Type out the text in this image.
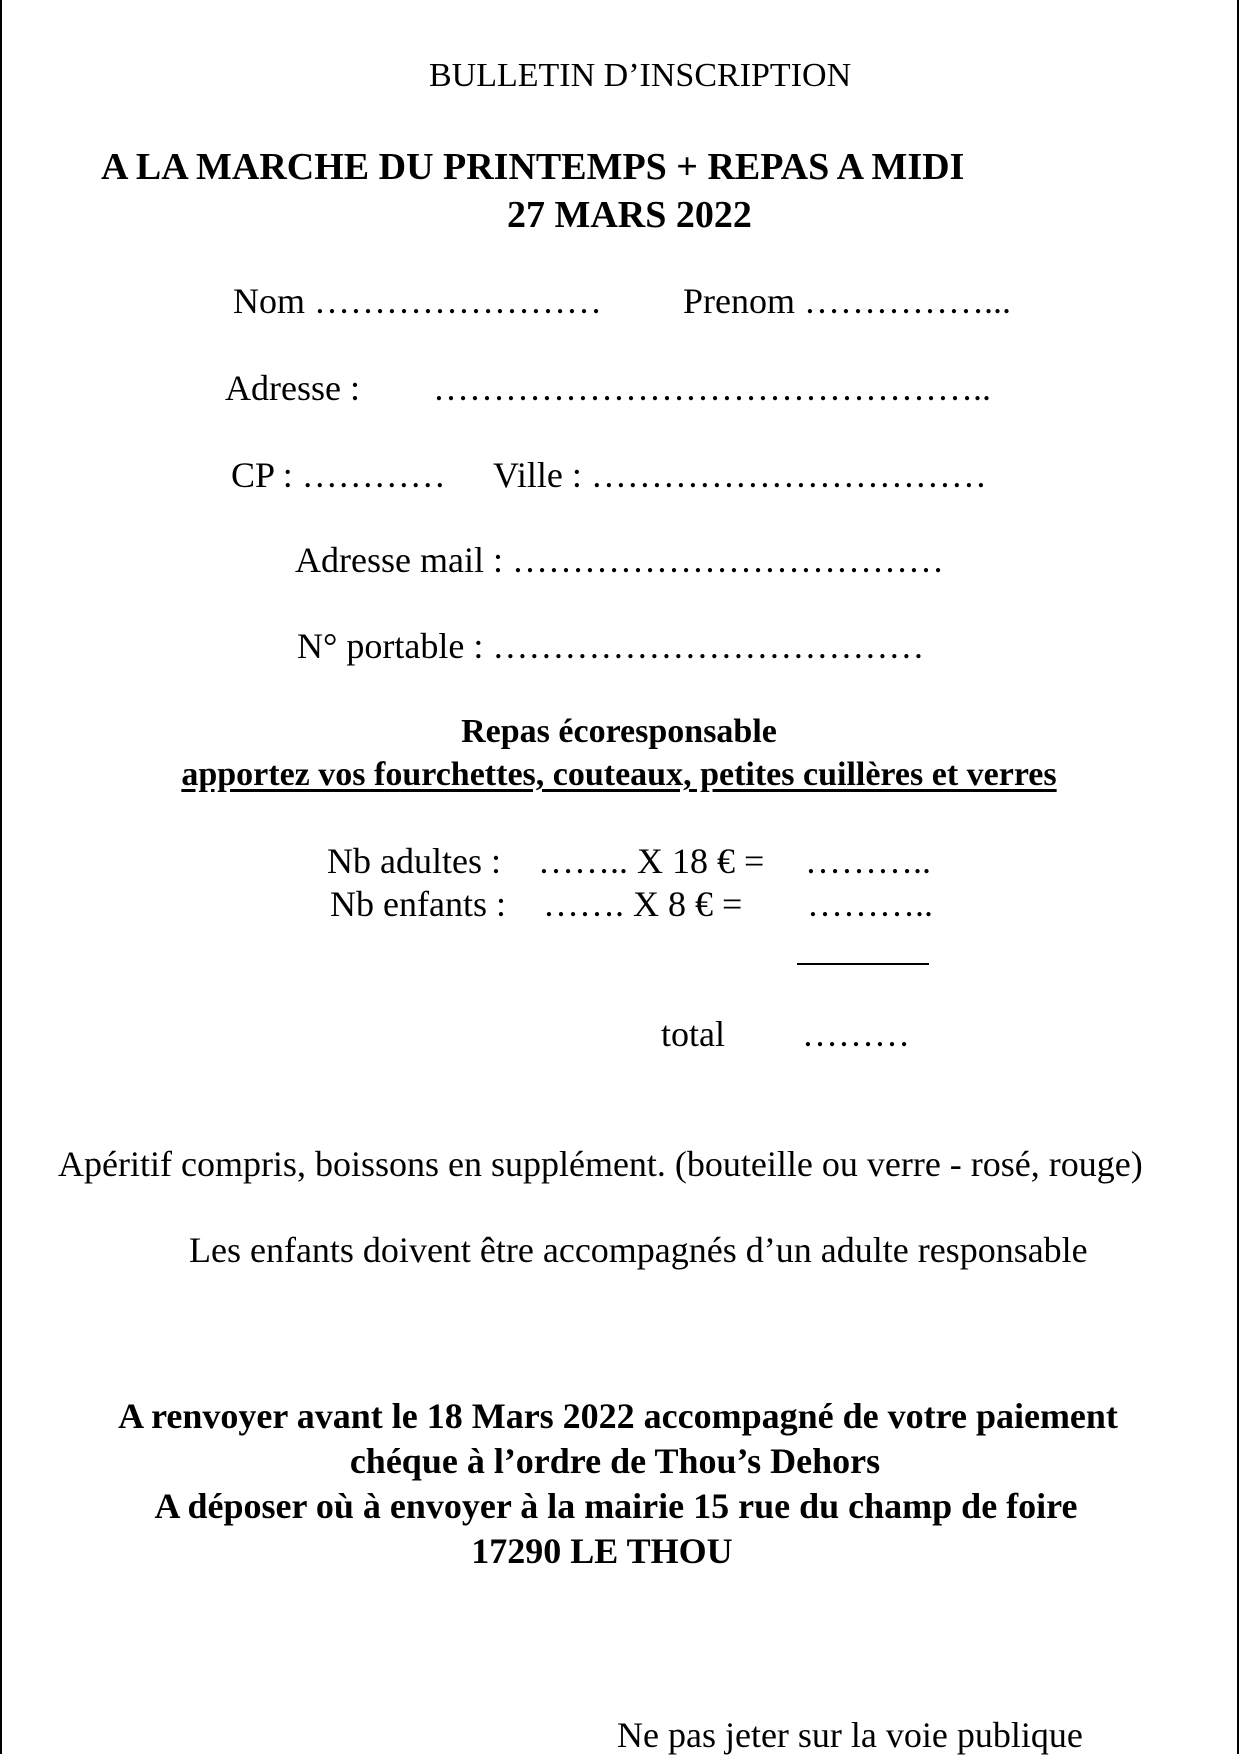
BULLETIN D’INSCRIPTION
A LA MARCHE DU PRINTEMPS + REPAS A MIDI
27 MARS 2022
Nom …………………… Prenom ……………...
Adresse : ………………………………………..
CP : ………… Ville : ……………………………
Adresse mail : ………………………………
N° portable : ………………………………
Repas écoresponsable
apportez vos fourchettes, couteaux, petites cuillères et verres
Nb adultes : …….. X 18 € = ………..
Nb enfants : ……. X 8 € = ………..
total ………
Apéritif compris, boissons en supplément. (bouteille ou verre - rosé, rouge)
Les enfants doivent être accompagnés d’un adulte responsable
A renvoyer avant le 18 Mars 2022 accompagné de votre paiement
chéque à l’ordre de Thou’s Dehors
A déposer où à envoyer à la mairie 15 rue du champ de foire
17290 LE THOU
Ne pas jeter sur la voie publique
